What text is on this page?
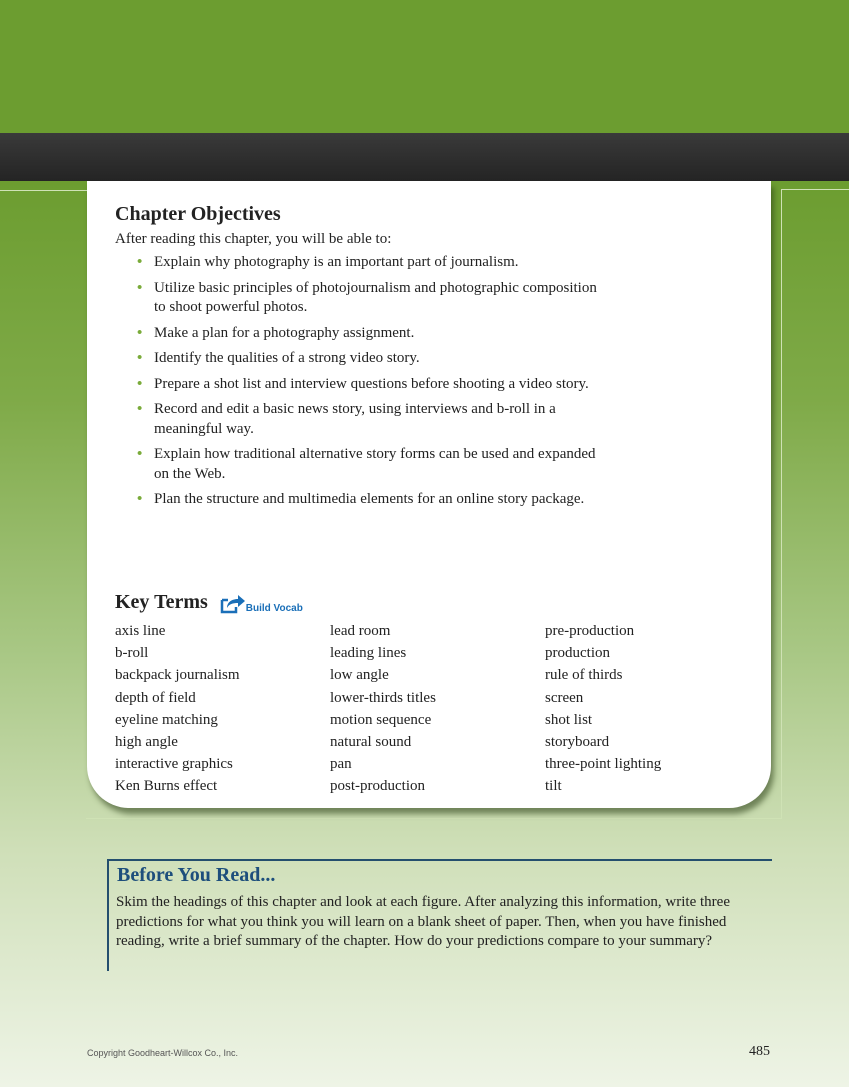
Chapter Objectives
After reading this chapter, you will be able to:
• Explain why photography is an important part of journalism.
• Utilize basic principles of photojournalism and photographic composition to shoot powerful photos.
• Make a plan for a photography assignment.
• Identify the qualities of a strong video story.
• Prepare a shot list and interview questions before shooting a video story.
• Record and edit a basic news story, using interviews and b-roll in a meaningful way.
• Explain how traditional alternative story forms can be used and expanded on the Web.
• Plan the structure and multimedia elements for an online story package.
Key Terms	Build Vocab
axis line	lead room	pre-production
b-roll	leading lines	production
backpack journalism	low angle	rule of thirds
depth of field	lower-thirds titles	screen
eyeline matching	motion sequence	shot list
high angle	natural sound	storyboard
interactive graphics	pan	three-point lighting
Ken Burns effect	post-production	tilt
Before You Read...
Skim the headings of this chapter and look at each figure. After analyzing this information, write three predictions for what you think you will learn on a blank sheet of paper. Then, when you have finished reading, write a brief summary of the chapter. How do your predictions compare to your summary?
Copyright Goodheart-Willcox Co., Inc.	485
